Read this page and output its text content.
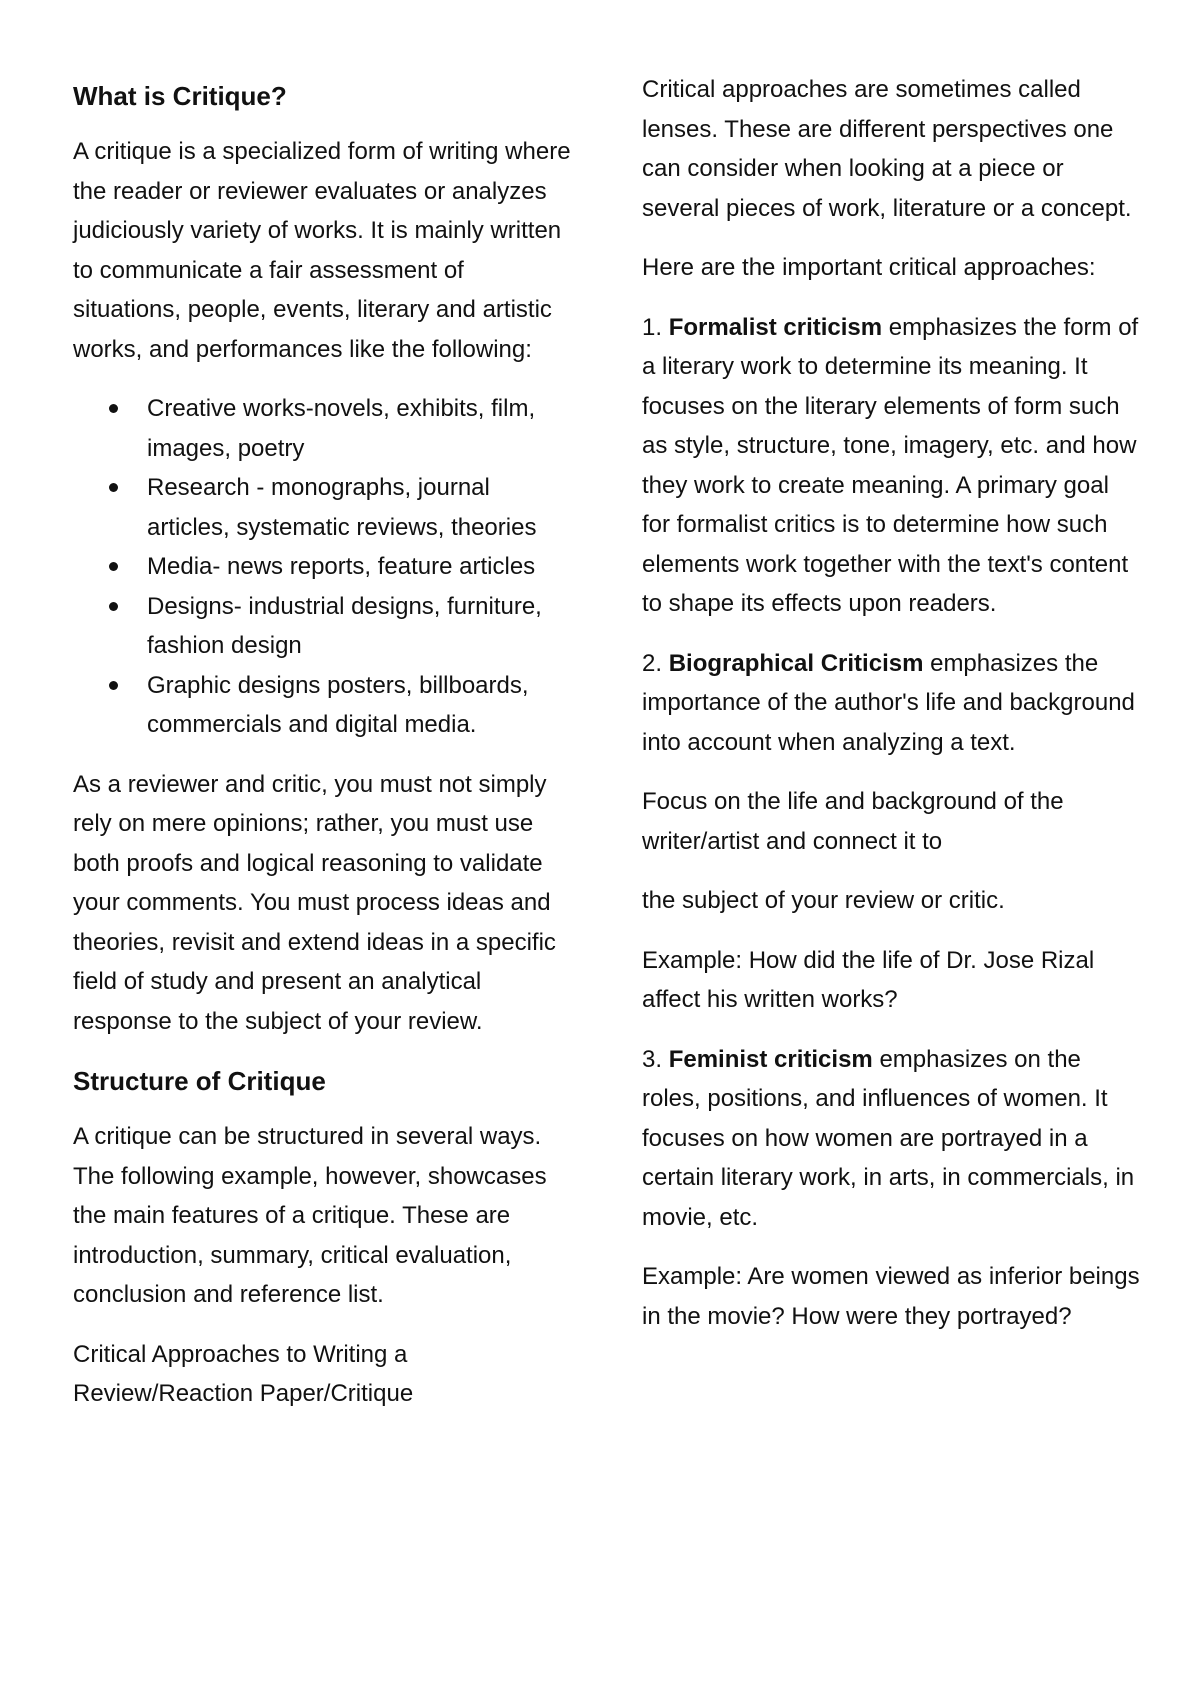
What is Critique?

A critique is a specialized form of writing where the reader or reviewer evaluates or analyzes judiciously variety of works. It is mainly written to communicate a fair assessment of situations, people, events, literary and artistic works, and performances like the following:

Creative works-novels, exhibits, film, images, poetry
Research - monographs, journal articles, systematic reviews, theories
Media- news reports, feature articles
Designs- industrial designs, furniture, fashion design
Graphic designs posters, billboards, commercials and digital media.

As a reviewer and critic, you must not simply rely on mere opinions; rather, you must use both proofs and logical reasoning to validate your comments. You must process ideas and theories, revisit and extend ideas in a specific field of study and present an analytical response to the subject of your review.

Structure of Critique

A critique can be structured in several ways. The following example, however, showcases the main features of a critique. These are introduction, summary, critical evaluation, conclusion and reference list.

Critical Approaches to Writing a Review/Reaction Paper/Critique

Critical approaches are sometimes called lenses. These are different perspectives one can consider when looking at a piece or several pieces of work, literature or a concept.

Here are the important critical approaches:

1. Formalist criticism emphasizes the form of a literary work to determine its meaning. It focuses on the literary elements of form such as style, structure, tone, imagery, etc. and how they work to create meaning. A primary goal for formalist critics is to determine how such elements work together with the text's content to shape its effects upon readers.

2. Biographical Criticism emphasizes the importance of the author's life and background into account when analyzing a text.

Focus on the life and background of the writer/artist and connect it to

the subject of your review or critic.

Example: How did the life of Dr. Jose Rizal affect his written works?

3. Feminist criticism emphasizes on the roles, positions, and influences of women. It focuses on how women are portrayed in a certain literary work, in arts, in commercials, in movie, etc.

Example: Are women viewed as inferior beings in the movie? How were they portrayed?
